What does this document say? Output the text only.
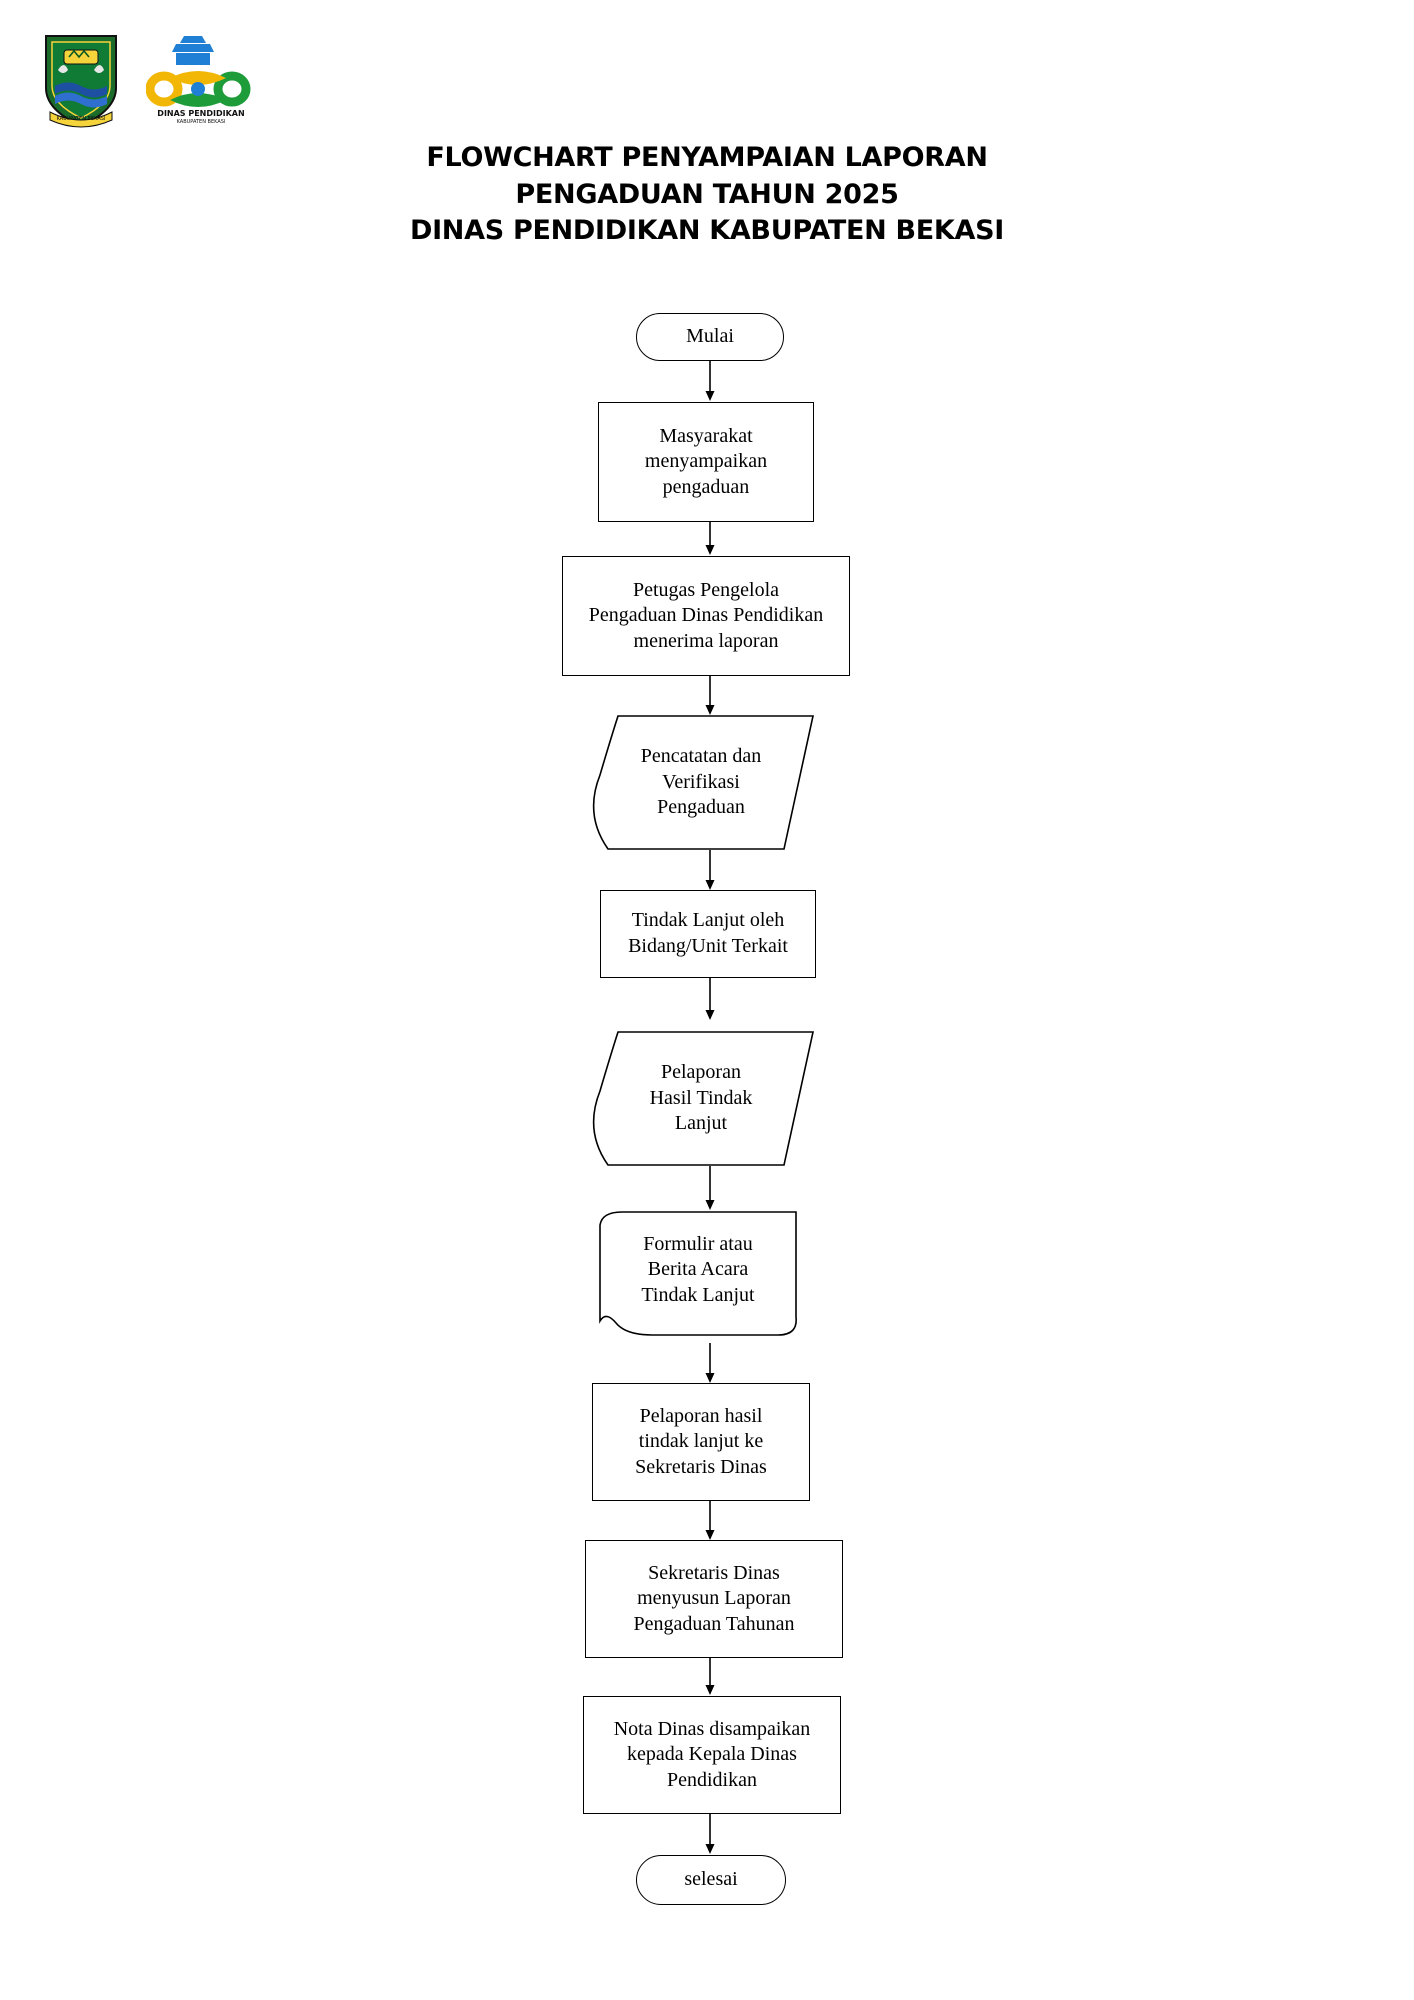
KABUPATEN BEKASI
DINAS PENDIDIKAN
KABUPATEN BEKASI
FLOWCHART PENYAMPAIAN LAPORAN
PENGADUAN TAHUN 2025
DINAS PENDIDIKAN KABUPATEN BEKASI
Mulai
Masyarakat
menyampaikan
pengaduan
Petugas Pengelola
Pengaduan Dinas Pendidikan
menerima laporan
Pencatatan dan
Verifikasi
Pengaduan
Tindak Lanjut oleh
Bidang/Unit Terkait
Pelaporan
Hasil Tindak
Lanjut
Formulir atau
Berita Acara
Tindak Lanjut
Pelaporan hasil
tindak lanjut ke
Sekretaris Dinas
Sekretaris Dinas
menyusun Laporan
Pengaduan Tahunan
Nota Dinas disampaikan
kepada Kepala Dinas
Pendidikan
selesai
